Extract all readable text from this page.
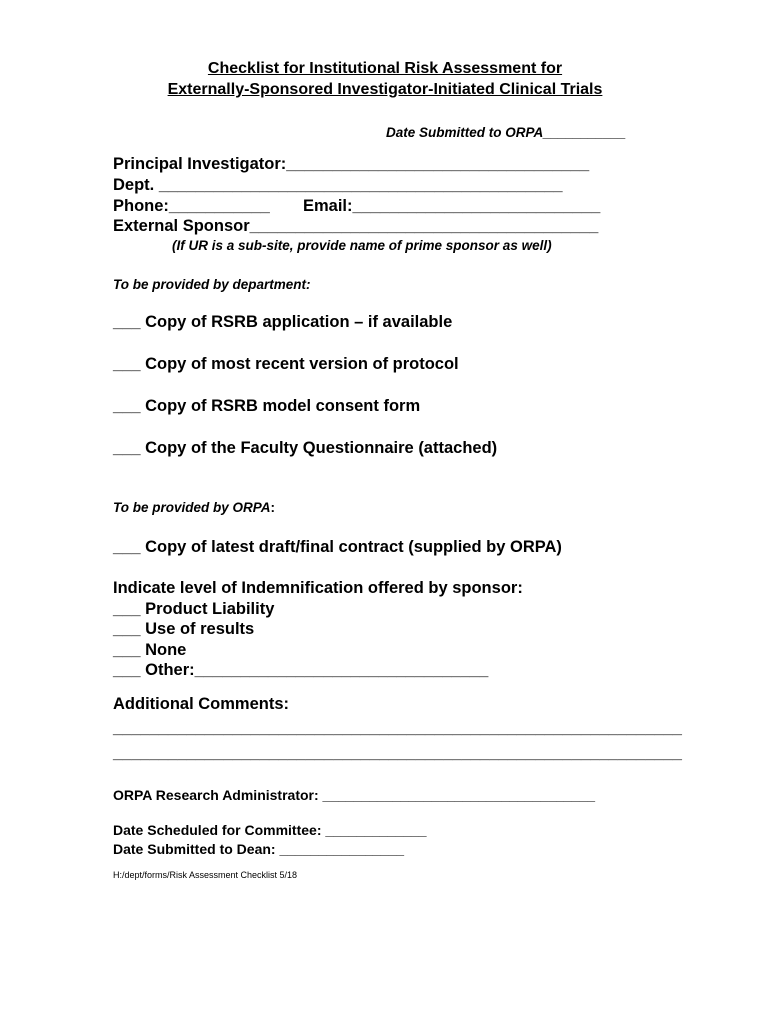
Checklist for Institutional Risk Assessment for
Externally-Sponsored Investigator-Initiated Clinical Trials
Date Submitted to ORPA___________
Principal Investigator:_________________________________
Dept. ____________________________________________
Phone:___________ Email:___________________________
External Sponsor______________________________________
(If UR is a sub-site, provide name of prime sponsor as well)
To be provided by department:
___ Copy of RSRB application – if available
___ Copy of most recent version of protocol
___ Copy of RSRB model consent form
___ Copy of the Faculty Questionnaire (attached)
To be provided by ORPA:
___ Copy of latest draft/final contract (supplied by ORPA)
Indicate level of Indemnification offered by sponsor:
___ Product Liability
___ Use of results
___ None
___ Other:________________________________
Additional Comments:
______________________________________________________________
______________________________________________________________
ORPA Research Administrator: ___________________________________
Date Scheduled for Committee: _____________
Date Submitted to Dean: ________________
H:/dept/forms/Risk Assessment Checklist 5/18
